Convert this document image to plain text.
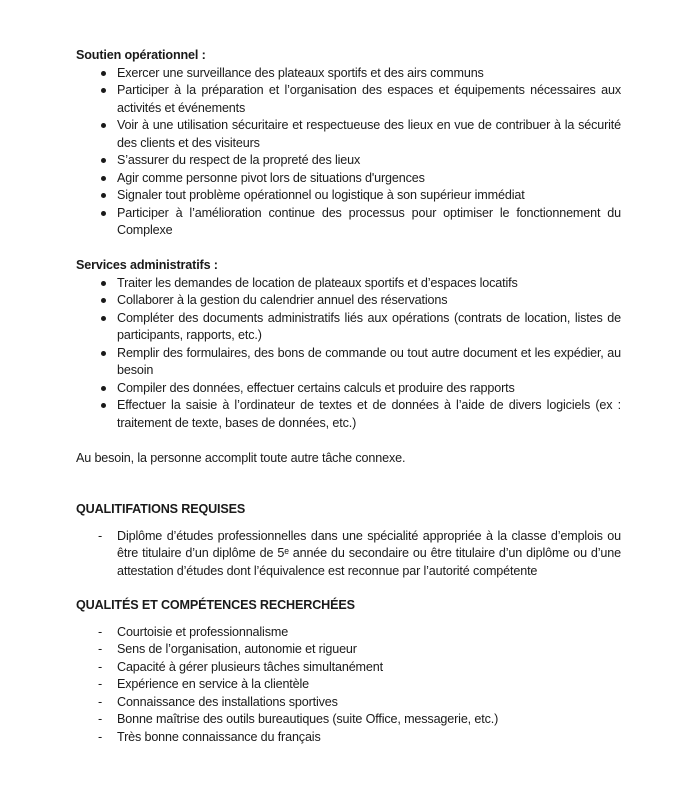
Soutien opérationnel :

Exercer une surveillance des plateaux sportifs et des airs communs
Participer à la préparation et l’organisation des espaces et équipements nécessaires aux activités et événements
Voir à une utilisation sécuritaire et respectueuse des lieux en vue de contribuer à la sécurité des clients et des visiteurs
S’assurer du respect de la propreté des lieux
Agir comme personne pivot lors de situations d'urgences
Signaler tout problème opérationnel ou logistique à son supérieur immédiat
Participer à l’amélioration continue des processus pour optimiser le fonctionnement du Complexe

Services administratifs :

Traiter les demandes de location de plateaux sportifs et d’espaces locatifs
Collaborer à la gestion du calendrier annuel des réservations
Compléter des documents administratifs liés aux opérations (contrats de location, listes de participants, rapports, etc.)
Remplir des formulaires, des bons de commande ou tout autre document et les expédier, au besoin
Compiler des données, effectuer certains calculs et produire des rapports
Effectuer la saisie à l’ordinateur de textes et de données à l’aide de divers logiciels (ex : traitement de texte, bases de données, etc.)

Au besoin, la personne accomplit toute autre tâche connexe.

QUALITIFATIONS REQUISES

- Diplôme d’études professionnelles dans une spécialité appropriée à la classe d’emplois ou être titulaire d’un diplôme de 5ᵉ année du secondaire ou être titulaire d’un diplôme ou d’une attestation d’études dont l’équivalence est reconnue par l’autorité compétente

QUALITÉS ET COMPÉTENCES RECHERCHÉES

- Courtoisie et professionnalisme
- Sens de l’organisation, autonomie et rigueur
- Capacité à gérer plusieurs tâches simultanément
- Expérience en service à la clientèle
- Connaissance des installations sportives
- Bonne maîtrise des outils bureautiques (suite Office, messagerie, etc.)
- Très bonne connaissance du français
